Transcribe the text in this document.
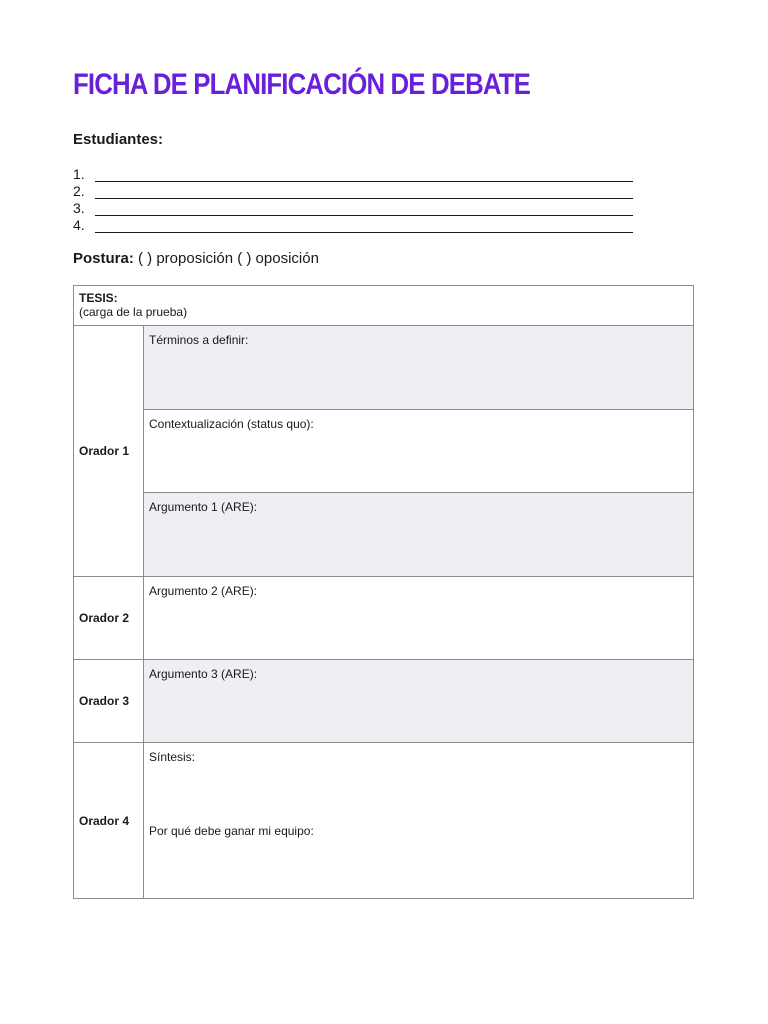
FICHA DE PLANIFICACIÓN DE DEBATE
Estudiantes:
1.
2.
3.
4.
Postura: ( ) proposición ( ) oposición
TESIS:
(carga de la prueba)	
Orador 1	Términos a definir:

	Contextualización (status quo):

	Argumento 1 (ARE):

Orador 2	Argumento 2 (ARE):

Orador 3	Argumento 3 (ARE):

Orador 4	Síntesis:
Por qué debe ganar mi equipo:
